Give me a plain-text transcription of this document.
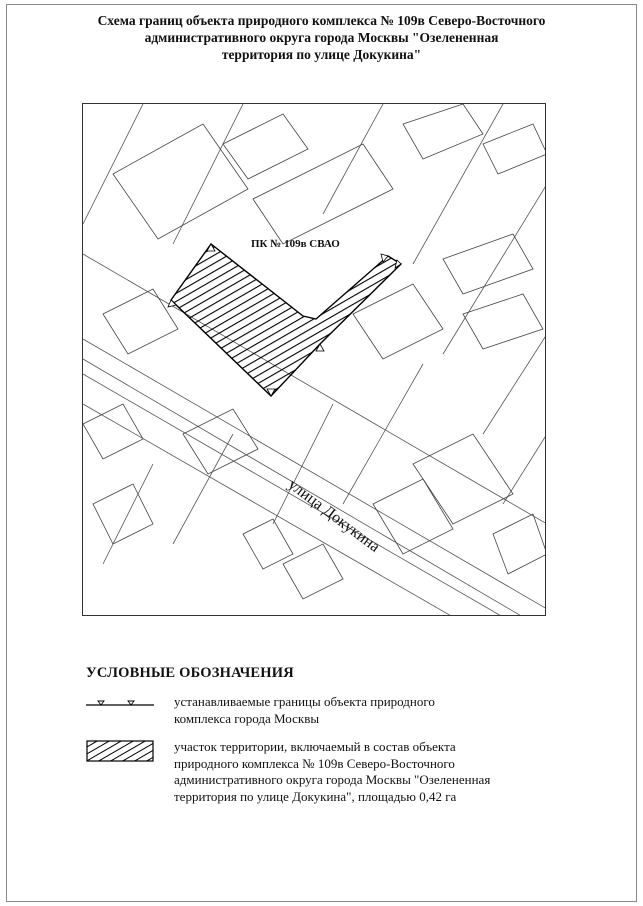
Схема границ объекта природного комплекса № 109в Северо-Восточного
административного округа города Москвы "Озелененная
территория по улице Докукина"
ПК № 109в СВАО
улица Докукина
УСЛОВНЫЕ ОБОЗНАЧЕНИЯ
устанавливаемые границы объекта природного
комплекса города Москвы
участок территории, включаемый в состав объекта
природного комплекса № 109в Северо-Восточного
административного округа города Москвы "Озелененная
территория по улице Докукина", площадью 0,42 га
